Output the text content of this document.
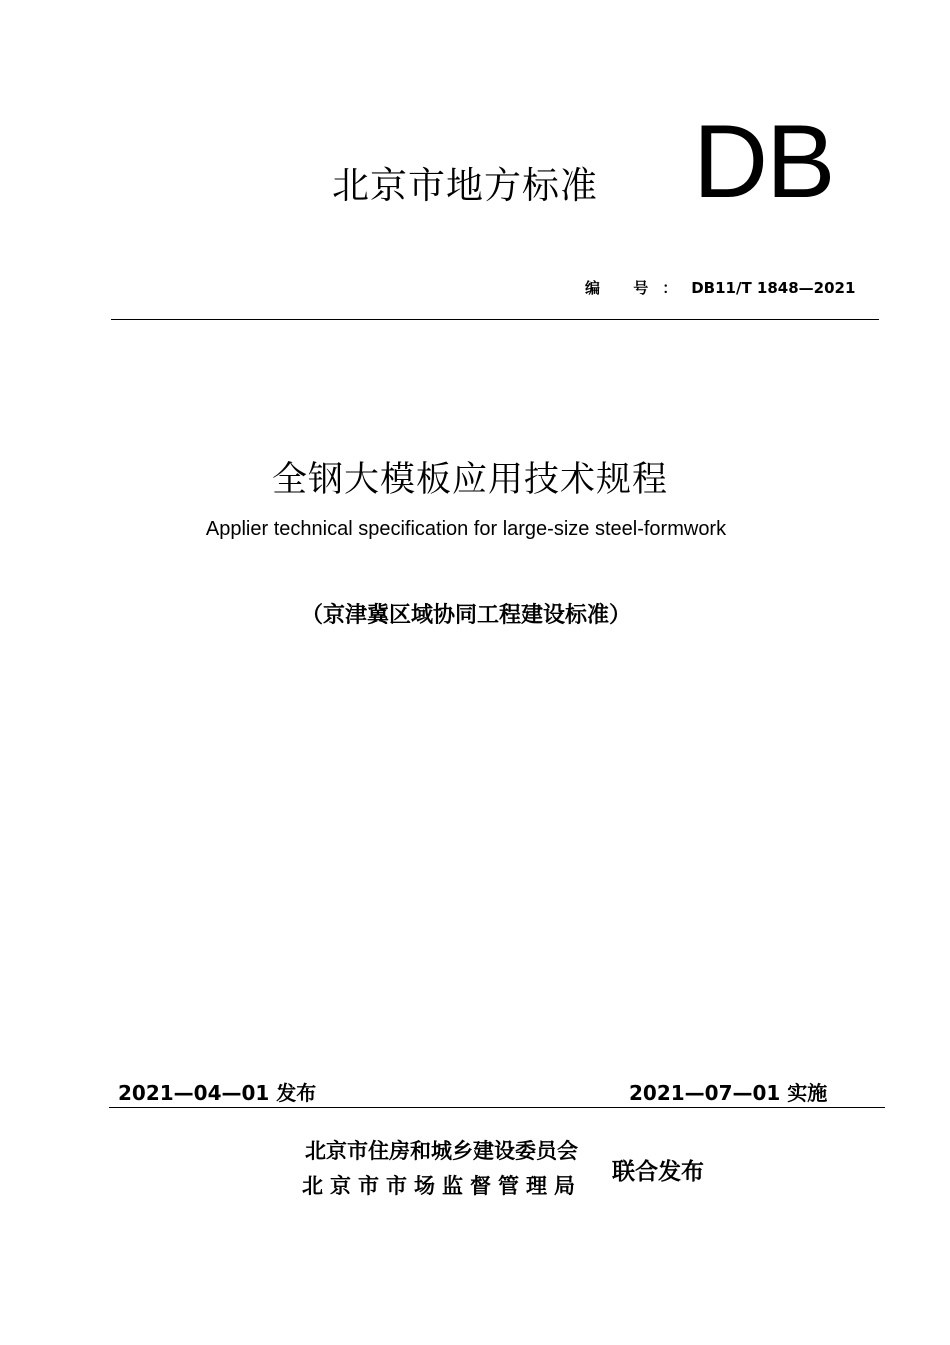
北京市地方标准 DB
编 号：DB11/T 1848—2021
全钢大模板应用技术规程
Applier technical specification for large-size steel-formwork
（京津冀区域协同工程建设标准）
2021—04—01 发布	2021—07—01 实施
北京市住房和城乡建设委员会
北京市市场监督管理局
联合发布
